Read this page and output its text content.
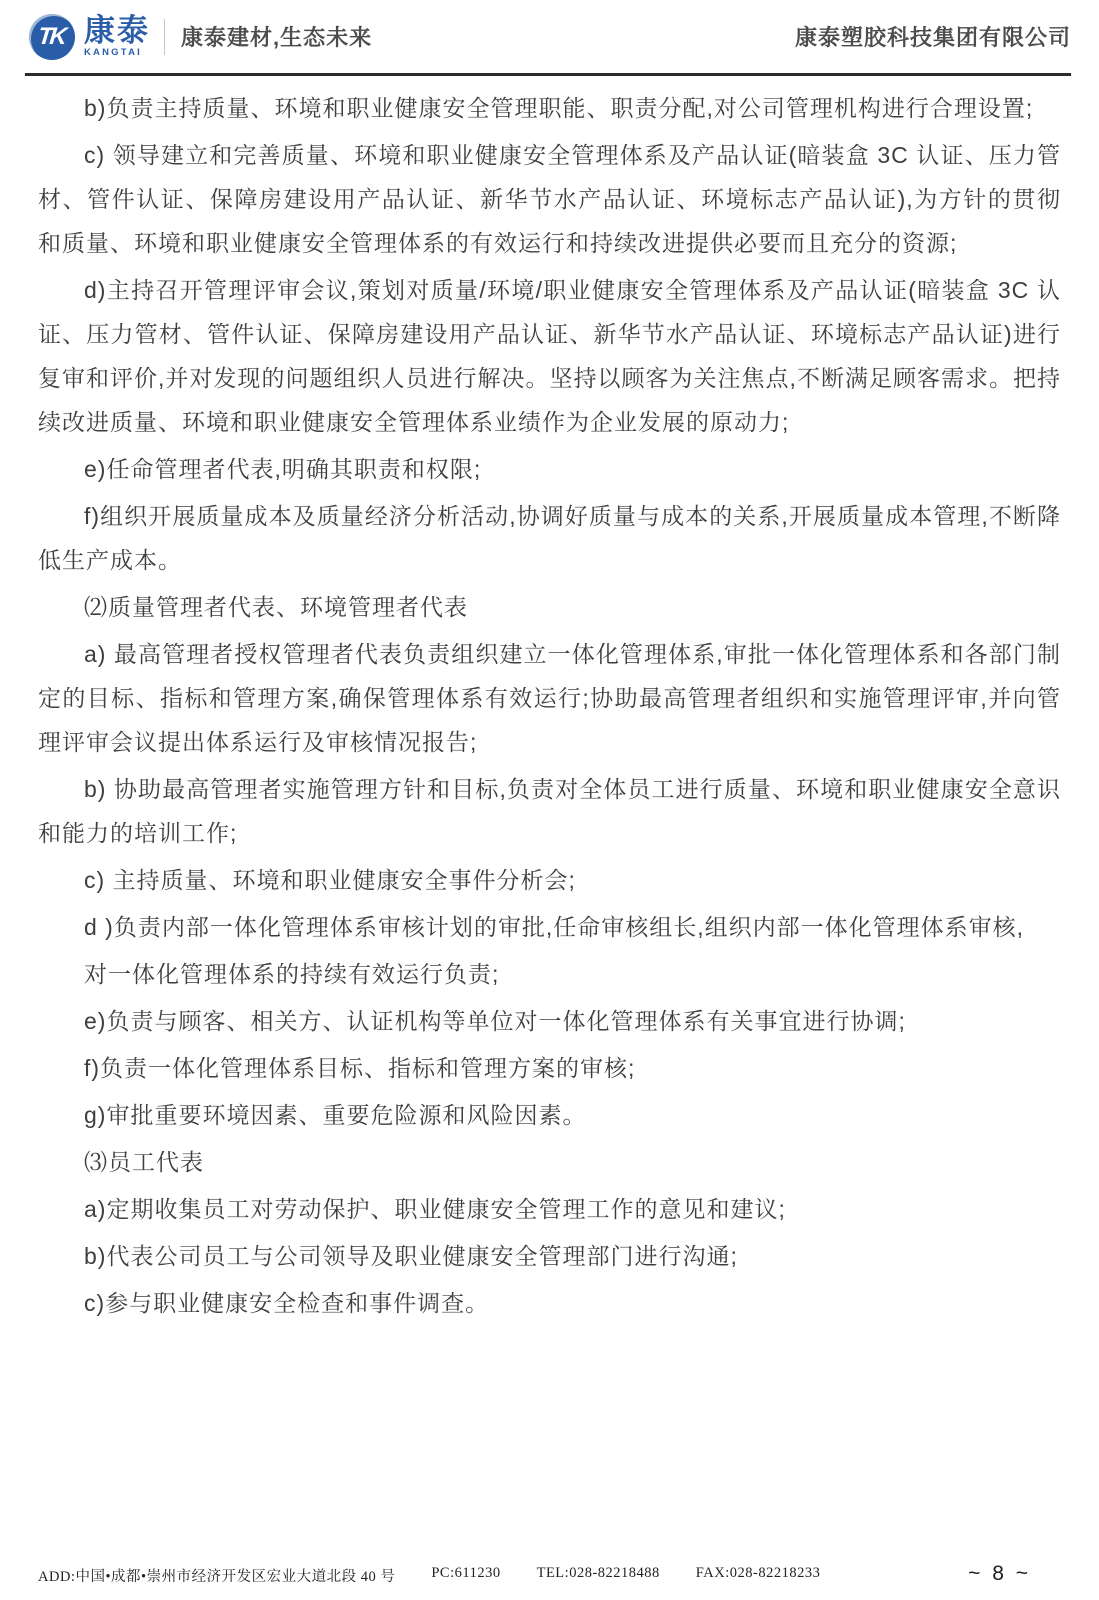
TK 康泰
KANGTAI
康泰建材,生态未来	康泰塑胶科技集团有限公司

b)负责主持质量、环境和职业健康安全管理职能、职责分配,对公司管理机构进行合理设置;

c) 领导建立和完善质量、环境和职业健康安全管理体系及产品认证(暗装盒 3C 认证、压力管材、管件认证、保障房建设用产品认证、新华节水产品认证、环境标志产品认证),为方针的贯彻和质量、环境和职业健康安全管理体系的有效运行和持续改进提供必要而且充分的资源;

d)主持召开管理评审会议,策划对质量/环境/职业健康安全管理体系及产品认证(暗装盒 3C 认证、压力管材、管件认证、保障房建设用产品认证、新华节水产品认证、环境标志产品认证)进行复审和评价,并对发现的问题组织人员进行解决。坚持以顾客为关注焦点,不断满足顾客需求。把持续改进质量、环境和职业健康安全管理体系业绩作为企业发展的原动力;

e)任命管理者代表,明确其职责和权限;

f)组织开展质量成本及质量经济分析活动,协调好质量与成本的关系,开展质量成本管理,不断降低生产成本。

⑵质量管理者代表、环境管理者代表

a) 最高管理者授权管理者代表负责组织建立一体化管理体系,审批一体化管理体系和各部门制定的目标、指标和管理方案,确保管理体系有效运行;协助最高管理者组织和实施管理评审,并向管理评审会议提出体系运行及审核情况报告;

b) 协助最高管理者实施管理方针和目标,负责对全体员工进行质量、环境和职业健康安全意识和能力的培训工作;

c) 主持质量、环境和职业健康安全事件分析会;

d )负责内部一体化管理体系审核计划的审批,任命审核组长,组织内部一体化管理体系审核,

对一体化管理体系的持续有效运行负责;

e)负责与顾客、相关方、认证机构等单位对一体化管理体系有关事宜进行协调;

f)负责一体化管理体系目标、指标和管理方案的审核;

g)审批重要环境因素、重要危险源和风险因素。

⑶员工代表

a)定期收集员工对劳动保护、职业健康安全管理工作的意见和建议;

b)代表公司员工与公司领导及职业健康安全管理部门进行沟通;

c)参与职业健康安全检查和事件调查。

ADD:中国•成都•崇州市经济开发区宏业大道北段 40 号 PC:611230 TEL:028-82218488 FAX:028-82218233	~ 8 ~
